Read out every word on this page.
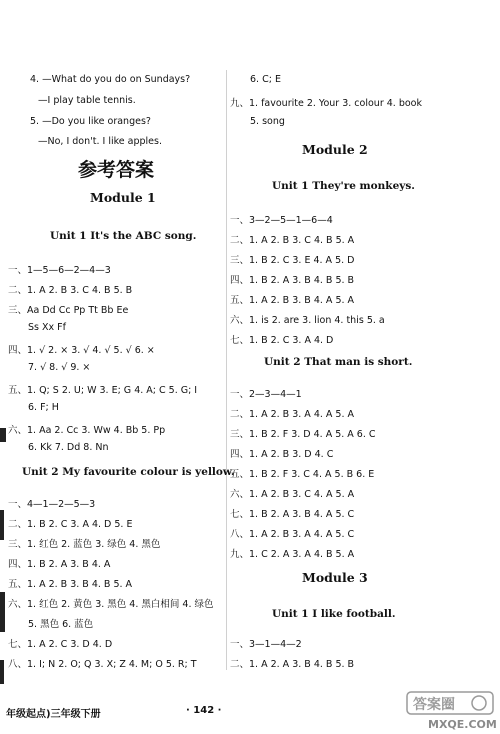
4. —What do you do on Sundays?
—I play table tennis.
5. —Do you like oranges?
—No, I don't. I like apples.
参考答案
Module 1
Unit 1 It's the ABC song.
一、1—5—6—2—4—3
二、1. A 2. B 3. C 4. B 5. B
三、Aa Dd Cc Pp Tt Bb Ee
Ss Xx Ff
四、1. √ 2. × 3. √ 4. √ 5. √ 6. ×
7. √ 8. √ 9. ×
五、1. Q; S 2. U; W 3. E; G 4. A; C 5. G; I
6. F; H
六、1. Aa 2. Cc 3. Ww 4. Bb 5. Pp
6. Kk 7. Dd 8. Nn
Unit 2 My favourite colour is yellow.
一、4—1—2—5—3
二、1. B 2. C 3. A 4. D 5. E
三、1. 红色 2. 蓝色 3. 绿色 4. 黑色
四、1. B 2. A 3. B 4. A
五、1. A 2. B 3. B 4. B 5. A
六、1. 红色 2. 黄色 3. 黑色 4. 黑白相间 4. 绿色
5. 黑色 6. 蓝色
七、1. A 2. C 3. D 4. D
八、1. I; N 2. O; Q 3. X; Z 4. M; O 5. R; T
年级起点)三年级下册
6. C; E
九、1. favourite 2. Your 3. colour 4. book
5. song
Module 2
Unit 1 They're monkeys.
一、3—2—5—1—6—4
二、1. A 2. B 3. C 4. B 5. A
三、1. B 2. C 3. E 4. A 5. D
四、1. B 2. A 3. B 4. B 5. B
五、1. A 2. B 3. B 4. A 5. A
六、1. is 2. are 3. lion 4. this 5. a
七、1. B 2. C 3. A 4. D
Unit 2 That man is short.
一、2—3—4—1
二、1. A 2. B 3. A 4. A 5. A
三、1. B 2. F 3. D 4. A 5. A 6. C
四、1. A 2. B 3. D 4. C
五、1. B 2. F 3. C 4. A 5. B 6. E
六、1. A 2. B 3. C 4. A 5. A
七、1. B 2. A 3. B 4. A 5. C
八、1. A 2. B 3. A 4. A 5. C
九、1. C 2. A 3. A 4. B 5. A
Module 3
Unit 1 I like football.
一、3—1—4—2
二、1. A 2. A 3. B 4. B 5. B
· 142 ·	答案圈
MXQE.COM
